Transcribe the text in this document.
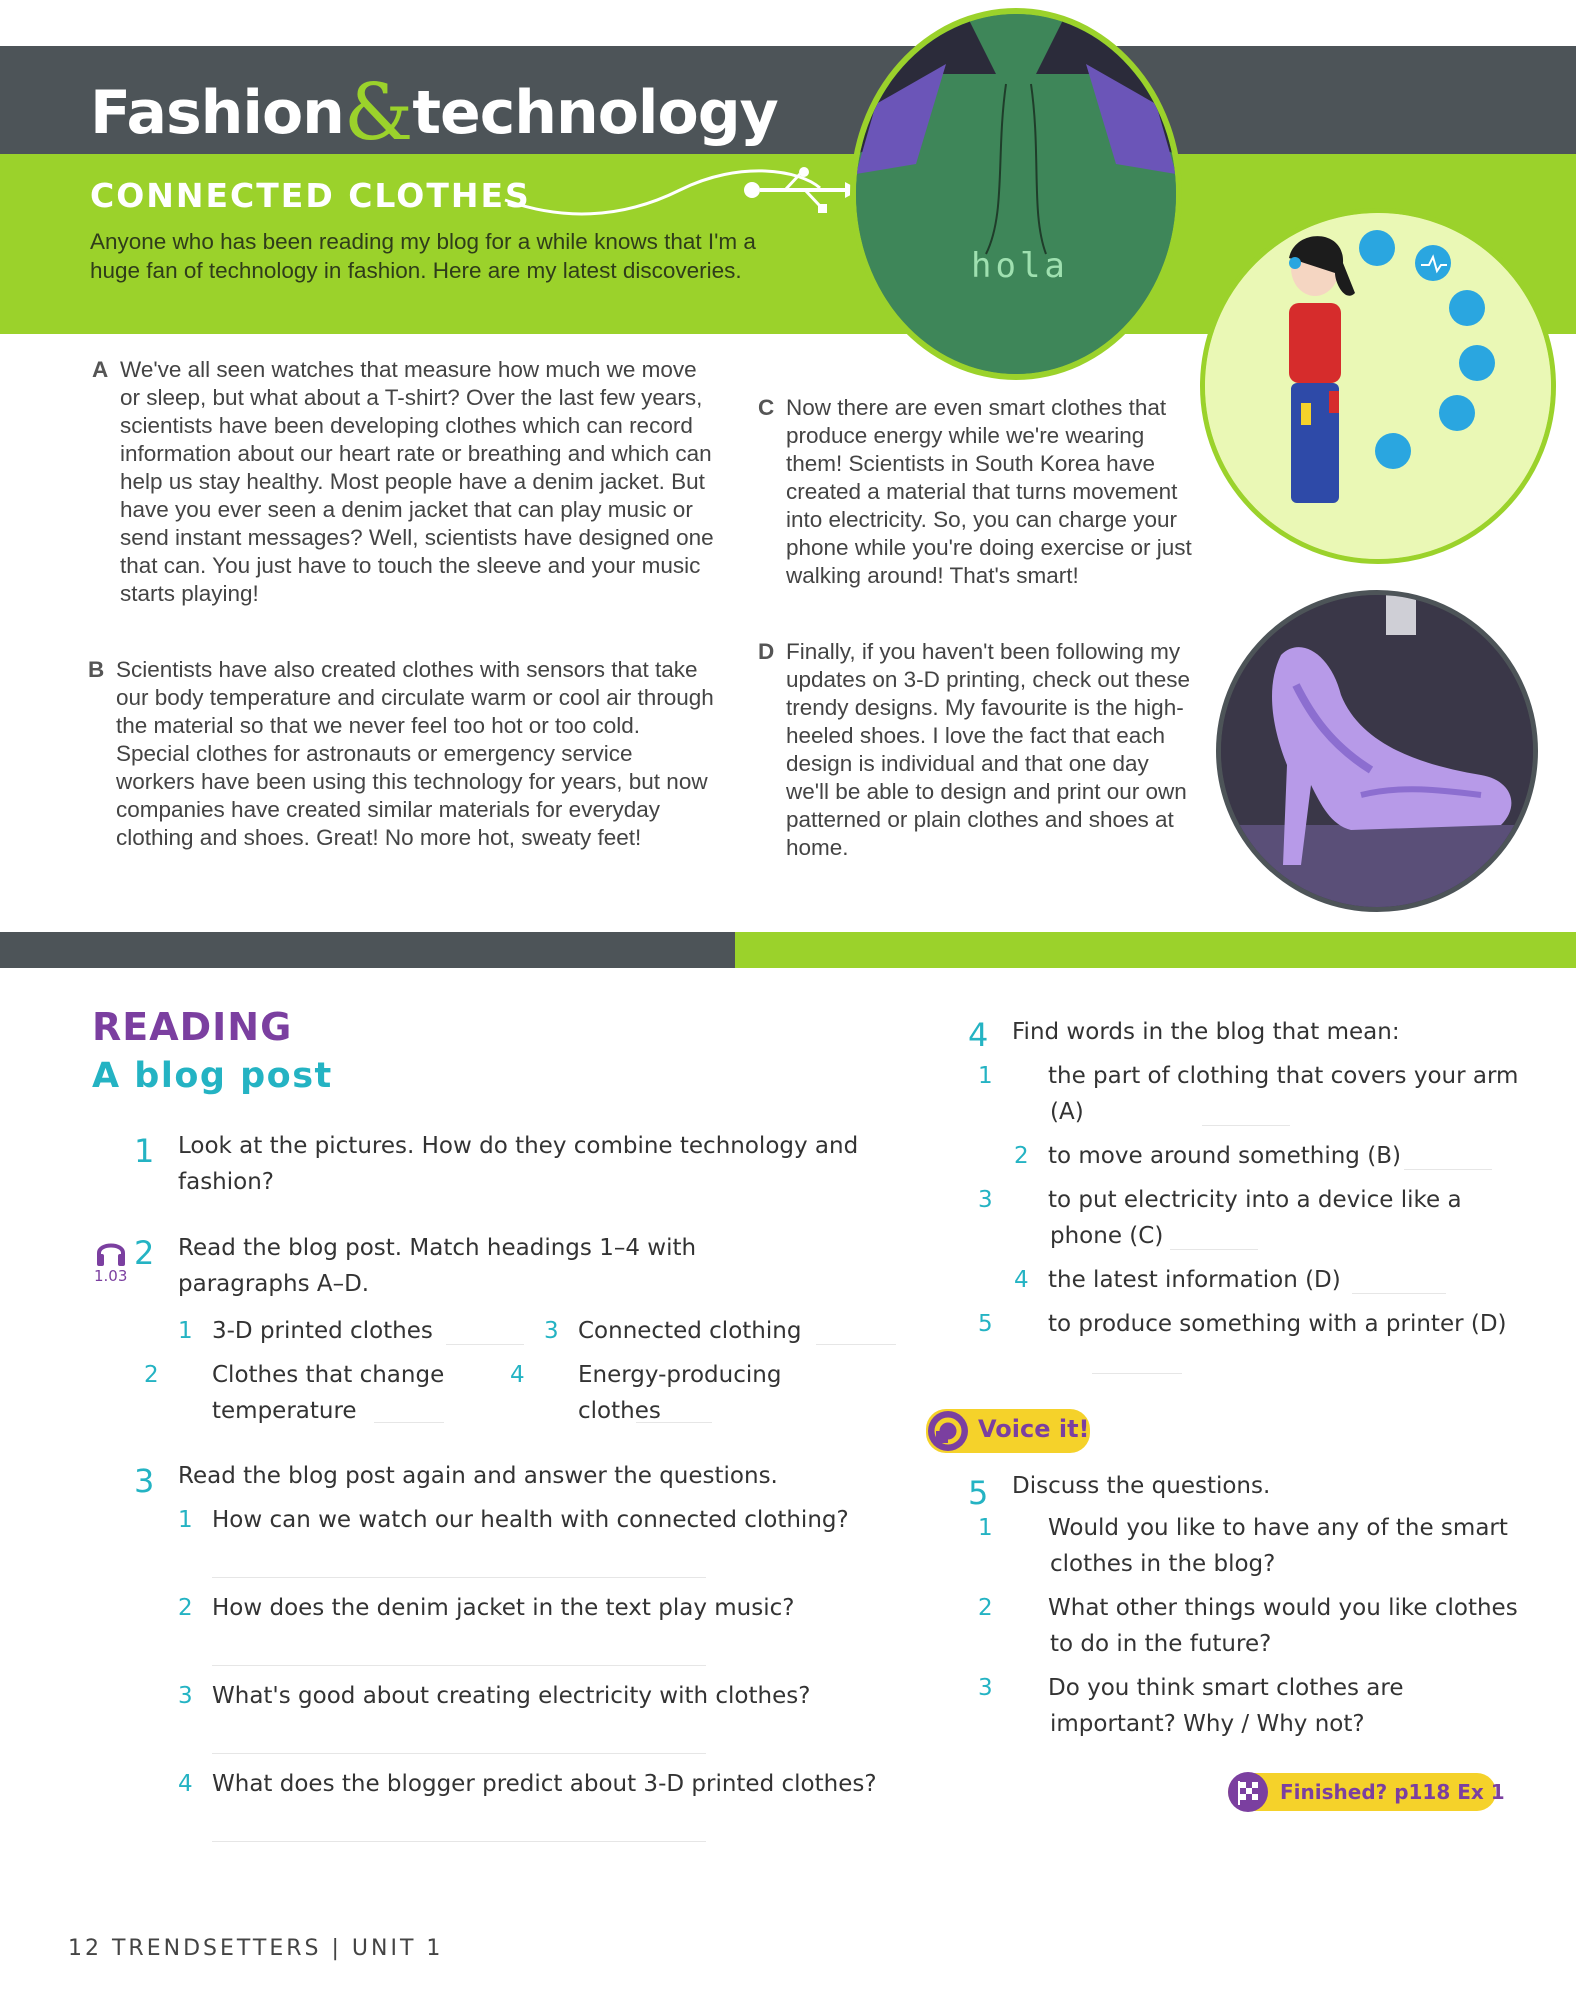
Fashion&technology
CONNECTED CLOTHES
Anyone who has been reading my blog for a while knows that I'm a huge fan of technology in fashion. Here are my latest discoveries.	hola
A We've all seen watches that measure how much we move or sleep, but what about a T-shirt? Over the last few years, scientists have been developing clothes which can record information about our heart rate or breathing and which can help us stay healthy. Most people have a denim jacket. But have you ever seen a denim jacket that can play music or send instant messages? Well, scientists have designed one that can. You just have to touch the sleeve and your music starts playing!
B Scientists have also created clothes with sensors that take our body temperature and circulate warm or cool air through the material so that we never feel too hot or too cold. Special clothes for astronauts or emergency service workers have been using this technology for years, but now companies have created similar materials for everyday clothing and shoes. Great! No more hot, sweaty feet!
C Now there are even smart clothes that produce energy while we're wearing them! Scientists in South Korea have created a material that turns movement into electricity. So, you can charge your phone while you're doing exercise or just walking around! That's smart!
D Finally, if you haven't been following my updates on 3-D printing, check out these trendy designs. My favourite is the high-heeled shoes. I love the fact that each design is individual and that one day we'll be able to design and print our own patterned or plain clothes and shoes at home.
READING
A blog post
1 Look at the pictures. How do they combine technology and fashion?
1.03
2 Read the blog post. Match headings 1–4 with paragraphs A–D.
1 3-D printed clothes
2 Clothes that change temperature
3 Connected clothing
4 Energy-producing clothes
3 Read the blog post again and answer the questions.
1 How can we watch our health with connected clothing?
2 How does the denim jacket in the text play music?
3 What's good about creating electricity with clothes?
4 What does the blogger predict about 3-D printed clothes?
4 Find words in the blog that mean:
1 the part of clothing that covers your arm (A)
2 to move around something (B)
3 to put electricity into a device like a phone (C)
4 the latest information (D)
5 to produce something with a printer (D)
Voice it!
5 Discuss the questions.
1 Would you like to have any of the smart clothes in the blog?
2 What other things would you like clothes to do in the future?
3 Do you think smart clothes are important? Why / Why not?
Finished? p118 Ex 1
12 TRENDSETTERS | UNIT 1
